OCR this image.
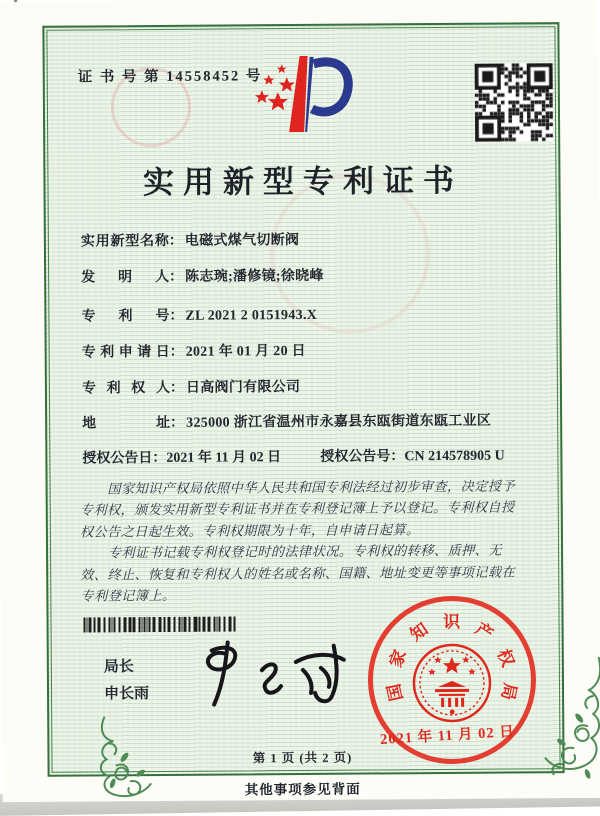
证 书 号 第 14558452 号
实用新型专利证书
实用新型名称： 电磁式煤气切断阀
发明人： 陈志琬;潘修镜;徐晓峰
专利号： ZL 2021 2 0151943.X
专利申请日： 2021 年 01 月 20 日
专利权人： 日高阀门有限公司
地址： 325000 浙江省温州市永嘉县东瓯街道东瓯工业区
授权公告日：2021 年 11 月 02 日	授权公告号：CN 214578905 U

国家知识产权局依照中华人民共和国专利法经过初步审查，决定授予专利权，颁发实用新型专利证书并在专利登记簿上予以登记。专利权自授权公告之日起生效。专利权期限为十年，自申请日起算。

专利证书记载专利权登记时的法律状况。专利权的转移、质押、无效、终止、恢复和专利权人的姓名或名称、国籍、地址变更等事项记载在专利登记簿上。

局长
申长雨	国
家
知 识 产
权
局
2021 年 11 月 02 日
第 1 页 (共 2 页)
其他事项参见背面
